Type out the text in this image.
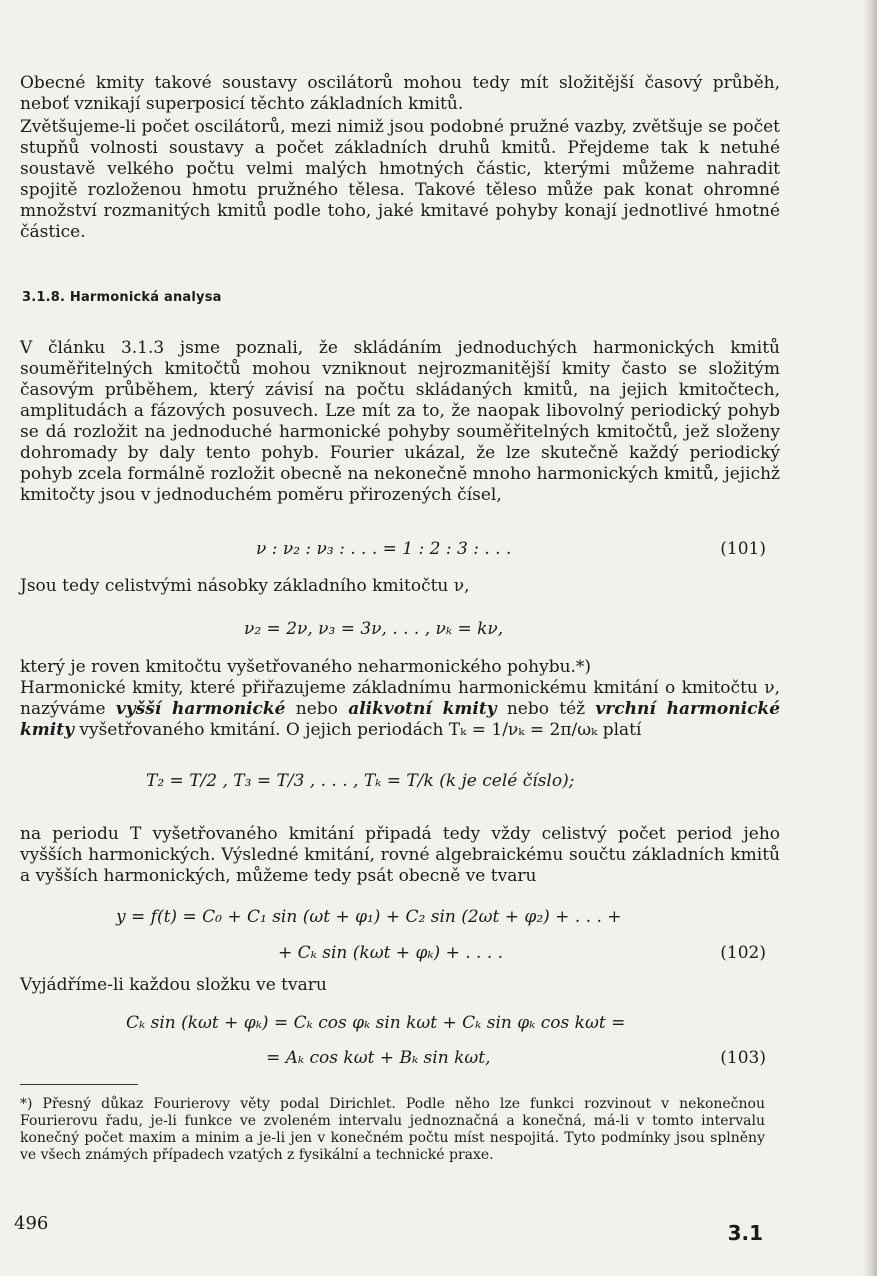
Obecné kmity takové soustavy oscilátorů mohou tedy mít složitější časový průběh, neboť vznikají superposicí těchto základních kmitů.

Zvětšujeme-li počet oscilátorů, mezi nimiž jsou podobné pružné vazby, zvětšuje se počet stupňů volnosti soustavy a počet základních druhů kmitů. Přejdeme tak k netuhé soustavě velkého počtu velmi malých hmotných částic, kterými můžeme nahradit spojitě rozloženou hmotu pružného tělesa. Takové těleso může pak konat ohromné množství rozmanitých kmitů podle toho, jaké kmitavé pohyby konají jednotlivé hmotné částice.

3.1.8. Harmonická analysa

V článku 3.1.3 jsme poznali, že skládáním jednoduchých harmonických kmitů souměřitelných kmitočtů mohou vzniknout nejrozmanitější kmity často se složitým časovým průběhem, který závisí na počtu skládaných kmitů, na jejich kmitočtech, amplitudách a fázových posuvech. Lze mít za to, že naopak libovolný periodický pohyb se dá rozložit na jednoduché harmonické pohyby souměřitelných kmitočtů, jež složeny dohromady by daly tento pohyb. Fourier ukázal, že lze skutečně každý periodický pohyb zcela formálně rozložit obecně na nekonečně mnoho harmonických kmitů, jejichž kmitočty jsou v jednoduchém poměru přirozených čísel,

ν : ν₂ : ν₃ : . . . = 1 : 2 : 3 : . . .	(101)

Jsou tedy celistvými násobky základního kmitočtu ν,

ν₂ = 2ν, ν₃ = 3ν, . . . , νₖ = kν,

který je roven kmitočtu vyšetřovaného neharmonického pohybu.*)

Harmonické kmity, které přiřazujeme základnímu harmonickému kmitání o kmitočtu ν, nazýváme vyšší harmonické nebo alikvotní kmity nebo též vrchní harmonické kmity vyšetřovaného kmitání. O jejich periodách Tₖ = 1/νₖ = 2π/ωₖ platí

T₂ = T/2 , T₃ = T/3 , . . . , Tₖ = T/k (k je celé číslo);

na periodu T vyšetřovaného kmitání připadá tedy vždy celistvý počet period jeho vyšších harmonických. Výsledné kmitání, rovné algebraickému součtu základních kmitů a vyšších harmonických, můžeme tedy psát obecně ve tvaru

y = f(t) = C₀ + C₁ sin (ωt + φ₁) + C₂ sin (2ωt + φ₂) + . . . +
+ Cₖ sin (kωt + φₖ) + . . . .	(102)

Vyjádříme-li každou složku ve tvaru

Cₖ sin (kωt + φₖ) = Cₖ cos φₖ sin kωt + Cₖ sin φₖ cos kωt =
= Aₖ cos kωt + Bₖ sin kωt,	(103)

*) Přesný důkaz Fourierovy věty podal Dirichlet. Podle něho lze funkci rozvinout v nekonečnou Fourierovu řadu, je-li funkce ve zvoleném intervalu jednoznačná a konečná, má-li v tomto intervalu konečný počet maxim a minim a je-li jen v konečném počtu míst nespojitá. Tyto podmínky jsou splněny ve všech známých případech vzatých z fysikální a technické praxe.

496	3.1
